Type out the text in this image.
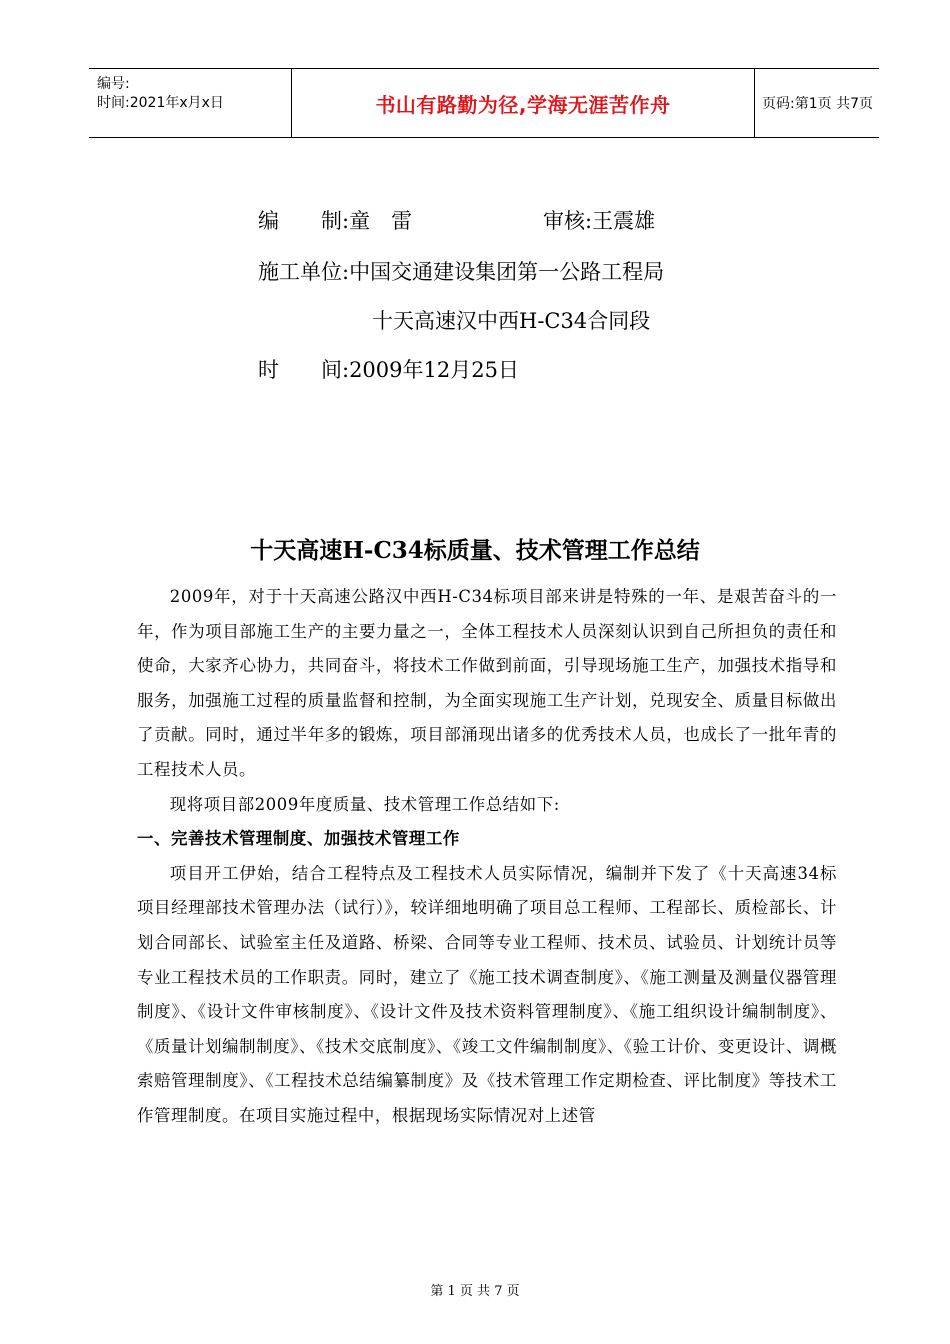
编号:
时间:2021年x月x日	书山有路勤为径,学海无涯苦作舟	页码:第1页 共7页
编　　制:童　雷	审核:王震雄
施工单位:中国交通建设集团第一公路工程局
十天高速汉中西H-C34合同段
时　　间:2009年12月25日
十天高速H-C34标质量、技术管理工作总结

2009年，对于十天高速公路汉中西H-C34标项目部来讲是特殊的一年、是艰苦奋斗的一年，作为项目部施工生产的主要力量之一，全体工程技术人员深刻认识到自己所担负的责任和使命，大家齐心协力，共同奋斗，将技术工作做到前面，引导现场施工生产，加强技术指导和服务，加强施工过程的质量监督和控制，为全面实现施工生产计划，兑现安全、质量目标做出了贡献。同时，通过半年多的锻炼，项目部涌现出诸多的优秀技术人员，也成长了一批年青的工程技术人员。

现将项目部2009年度质量、技术管理工作总结如下:

一、完善技术管理制度、加强技术管理工作

项目开工伊始，结合工程特点及工程技术人员实际情况，编制并下发了《十天高速34标项目经理部技术管理办法（试行）》，较详细地明确了项目总工程师、工程部长、质检部长、计划合同部长、试验室主任及道路、桥梁、合同等专业工程师、技术员、试验员、计划统计员等专业工程技术员的工作职责。同时，建立了《施工技术调查制度》、《施工测量及测量仪器管理制度》、《设计文件审核制度》、《设计文件及技术资料管理制度》、《施工组织设计编制制度》、《质量计划编制制度》、《技术交底制度》、《竣工文件编制制度》、《验工计价、变更设计、调概索赔管理制度》、《工程技术总结编纂制度》及《技术管理工作定期检查、评比制度》等技术工作管理制度。在项目实施过程中，根据现场实际情况对上述管

第 1 页 共 7 页
